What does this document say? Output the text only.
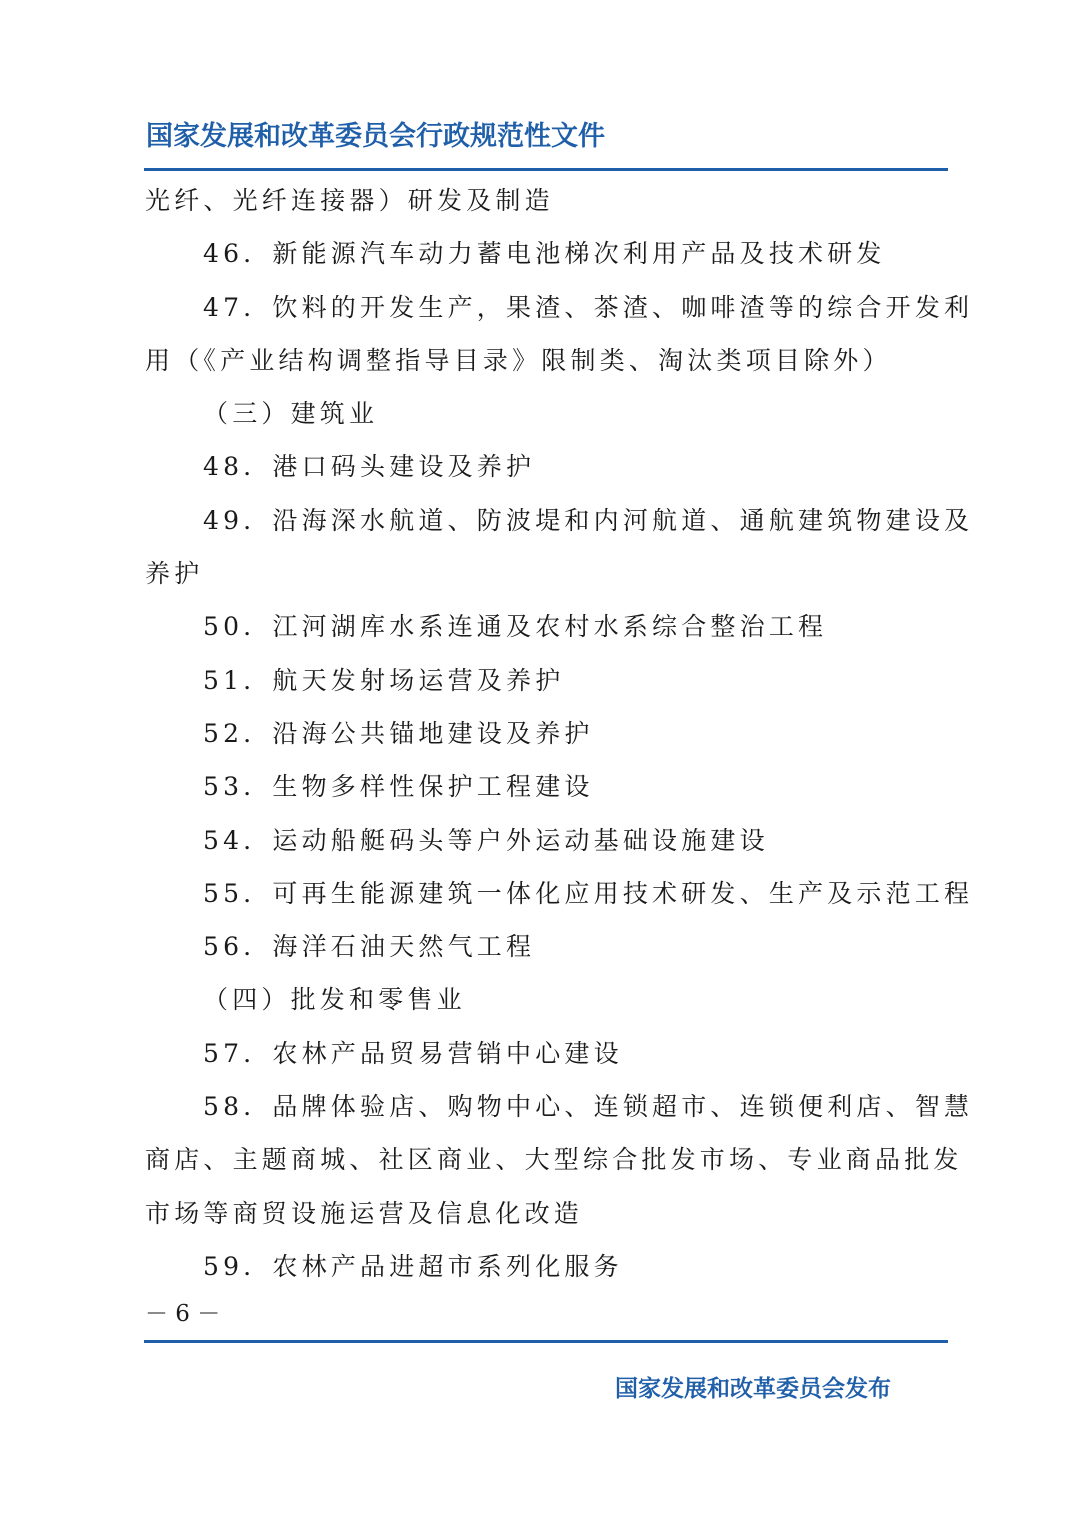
国家发展和改革委员会行政规范性文件

光纤、光纤连接器）研发及制造

46．新能源汽车动力蓄电池梯次利用产品及技术研发

47．饮料的开发生产，果渣、茶渣、咖啡渣等的综合开发利

用（《产业结构调整指导目录》限制类、淘汰类项目除外）

（三）建筑业

48．港口码头建设及养护

49．沿海深水航道、防波堤和内河航道、通航建筑物建设及

养护

50．江河湖库水系连通及农村水系综合整治工程

51．航天发射场运营及养护

52．沿海公共锚地建设及养护

53．生物多样性保护工程建设

54．运动船艇码头等户外运动基础设施建设

55．可再生能源建筑一体化应用技术研发、生产及示范工程

56．海洋石油天然气工程

（四）批发和零售业

57．农林产品贸易营销中心建设

58．品牌体验店、购物中心、连锁超市、连锁便利店、智慧

商店、主题商城、社区商业、大型综合批发市场、专业商品批发

市场等商贸设施运营及信息化改造

59．农林产品进超市系列化服务

－ 6 －
国家发展和改革委员会发布
